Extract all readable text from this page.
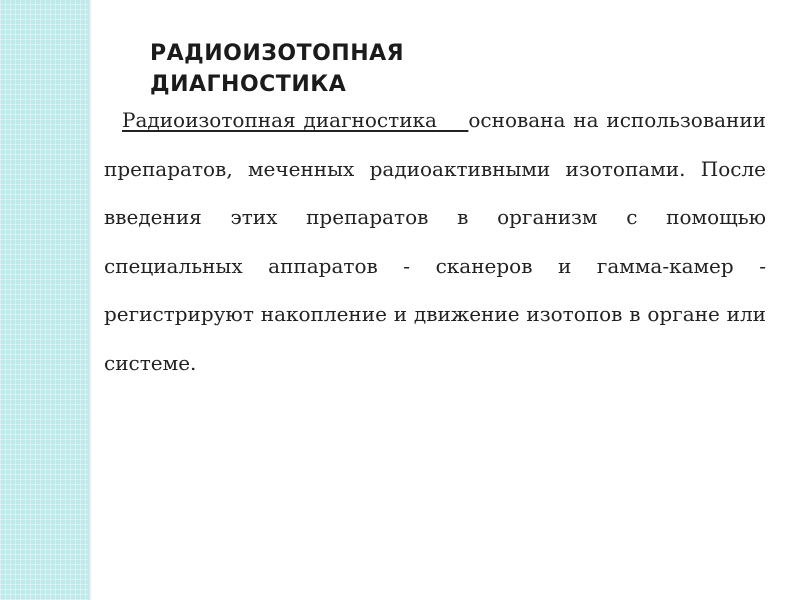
РАДИОИЗОТОПНАЯ ДИАГНОСТИКА

Радиоизотопная диагностика основана на использовании препаратов, меченных радиоактивными изотопами. После введения этих препаратов в организм с помощью специальных аппаратов - сканеров и гамма-камер - регистрируют накопление и движение изотопов в органе или системе.
